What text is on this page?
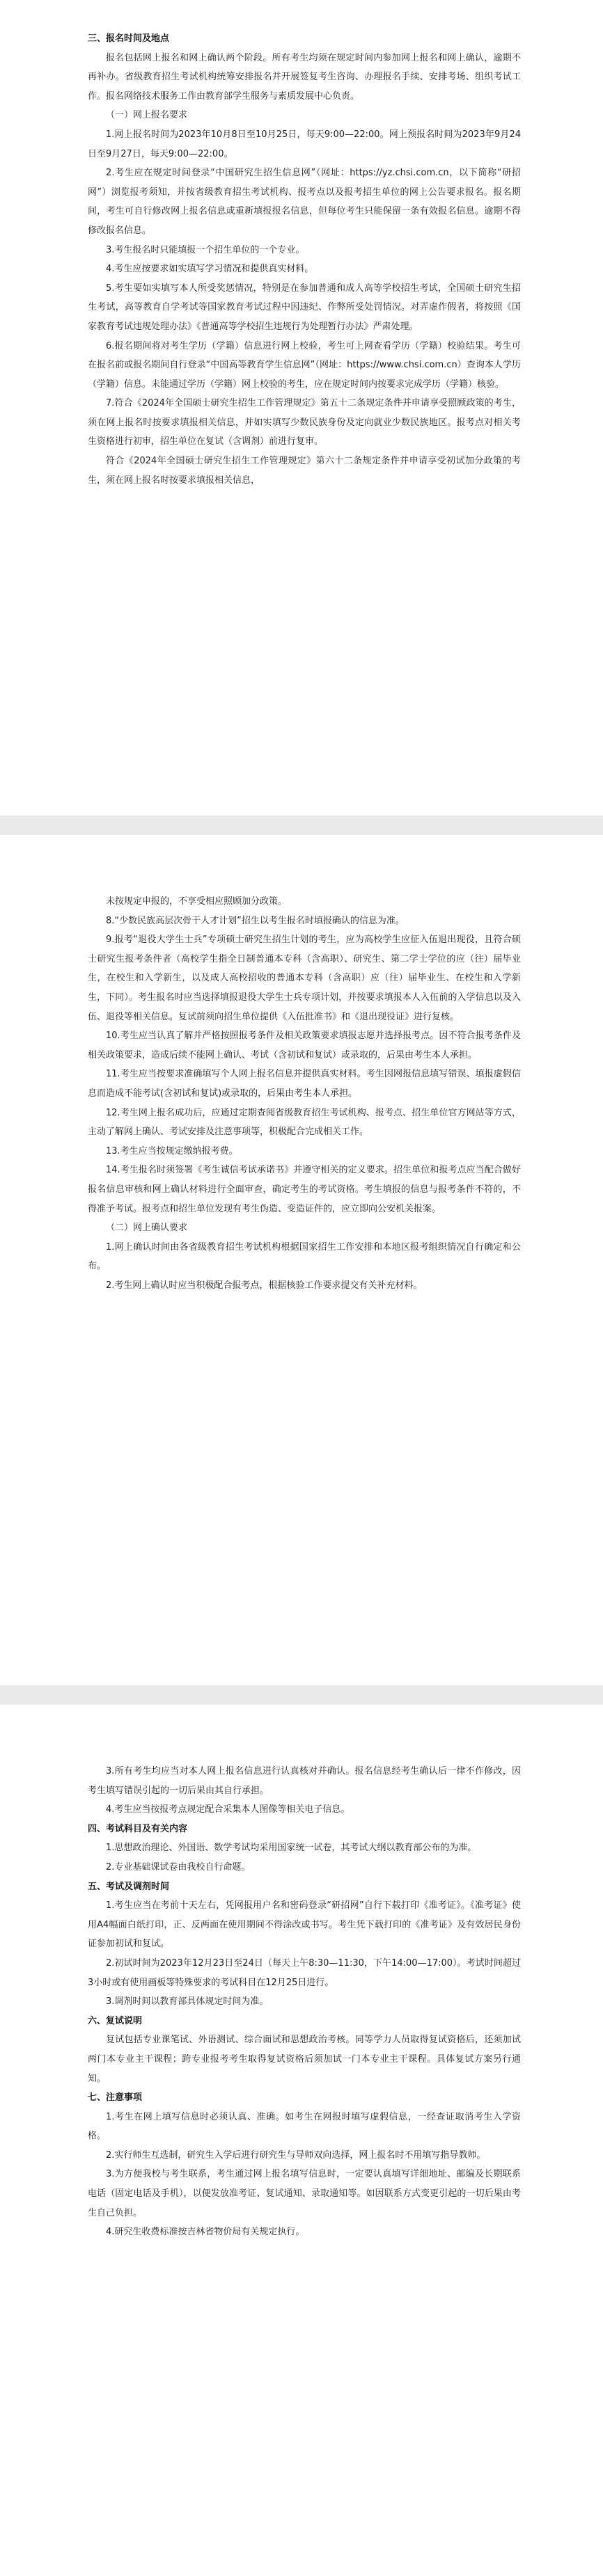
三、报名时间及地点

报名包括网上报名和网上确认两个阶段。所有考生均须在规定时间内参加网上报名和网上确认，逾期不再补办。省级教育招生考试机构统筹安排报名并开展签复考生咨询、办理报名手续、安排考场、组织考试工作。报名网络技术服务工作由教育部学生服务与素质发展中心负责。

（一）网上报名要求

1.网上报名时间为2023年10月8日至10月25日，每天9:00—22:00。网上预报名时间为2023年9月24日至9月27日，每天9:00—22:00。

2.考生应在规定时间登录“中国研究生招生信息网”（网址：https://yz.chsi.com.cn，以下简称“研招网”）浏览报考须知，并按省级教育招生考试机构、报考点以及报考招生单位的网上公告要求报名。报名期间，考生可自行修改网上报名信息或重新填报报名信息，但每位考生只能保留一条有效报名信息。逾期不得修改报名信息。

3.考生报名时只能填报一个招生单位的一个专业。

4.考生应按要求如实填写学习情况和提供真实材料。

5.考生要如实填写本人所受奖惩情况，特别是在参加普通和成人高等学校招生考试，全国硕士研究生招生考试，高等教育自学考试等国家教育考试过程中因违纪、作弊所受处罚情况。对弄虚作假者，将按照《国家教育考试违规处理办法》《普通高等学校招生违规行为处理暂行办法》严肃处理。

6.报名期间将对考生学历（学籍）信息进行网上校验，考生可上网查看学历（学籍）校验结果。考生可在报名前或报名期间自行登录“中国高等教育学生信息网”（网址：https://www.chsi.com.cn）查询本人学历（学籍）信息。未能通过学历（学籍）网上校验的考生，应在规定时间内按要求完成学历（学籍）核验。

7.符合《2024年全国硕士研究生招生工作管理规定》第五十二条规定条件并申请享受照顾政策的考生，须在网上报名时按要求填报相关信息，并如实填写少数民族身份及定向就业少数民族地区。报考点对相关考生资格进行初审，招生单位在复试（含调剂）前进行复审。

符合《2024年全国硕士研究生招生工作管理规定》第六十二条规定条件并申请享受初试加分政策的考生，须在网上报名时按要求填报相关信息，

未按规定申报的，不享受相应照顾加分政策。

8.“少数民族高层次骨干人才计划”招生以考生报名时填报确认的信息为准。

9.报考“退役大学生士兵”专项硕士研究生招生计划的考生，应为高校学生应征入伍退出现役，且符合硕士研究生报考条件者（高校学生指全日制普通本专科（含高职）、研究生、第二学士学位的应（往）届毕业生，在校生和入学新生，以及成人高校招收的普通本专科（含高职）应（往）届毕业生、在校生和入学新生，下同）。考生报名时应当选择填报退役大学生士兵专项计划，并按要求填报本人入伍前的入学信息以及入伍、退役等相关信息。复试前须向招生单位提供《入伍批准书》和《退出现役证》进行复核。

10.考生应当认真了解并严格按照报考条件及相关政策要求填报志愿并选择报考点。因不符合报考条件及相关政策要求，造成后续不能网上确认、考试（含初试和复试）或录取的，后果由考生本人承担。

11.考生应当按要求准确填写个人网上报名信息并提供真实材料。考生因网报信息填写错误、填报虚假信息而造成不能考试(含初试和复试)或录取的，后果由考生本人承担。

12.考生网上报名成功后，应通过定期查阅省级教育招生考试机构、报考点、招生单位官方网站等方式，主动了解网上确认、考试安排及注意事项等，积极配合完成相关工作。

13.考生应当按规定缴纳报考费。

14.考生报名时须签署《考生诚信考试承诺书》并遵守相关的定义要求。招生单位和报考点应当配合做好报名信息审核和网上确认材料进行全面审查，确定考生的考试资格。考生填报的信息与报考条件不符的，不得准予考试。报考点和招生单位发现有考生伪造、变造证件的，应立即向公安机关报案。

（二）网上确认要求

1.网上确认时间由各省级教育招生考试机构根据国家招生工作安排和本地区报考组织情况自行确定和公布。

2.考生网上确认时应当积极配合报考点，根据核验工作要求提交有关补充材料。

3.所有考生均应当对本人网上报名信息进行认真核对并确认。报名信息经考生确认后一律不作修改，因考生填写错误引起的一切后果由其自行承担。

4.考生应当按报考点规定配合采集本人图像等相关电子信息。

四、考试科目及有关内容

1.思想政治理论、外国语、数学考试均采用国家统一试卷，其考试大纲以教育部公布的为准。

2.专业基础课试卷由我校自行命题。

五、考试及调剂时间

1.考生应当在考前十天左右，凭网报用户名和密码登录“研招网”自行下载打印《准考证》。《准考证》使用A4幅面白纸打印，正、反两面在使用期间不得涂改或书写。考生凭下载打印的《准考证》及有效居民身份证参加初试和复试。

2.初试时间为2023年12月23日至24日（每天上午8:30—11:30，下午14:00—17:00）。考试时间超过3小时或有使用画板等特殊要求的考试科目在12月25日进行。

3.调剂时间以教育部具体规定时间为准。

六、复试说明

复试包括专业课笔试、外语测试、综合面试和思想政治考核。同等学力人员取得复试资格后，还须加试两门本专业主干课程；跨专业报考考生取得复试资格后须加试一门本专业主干课程。具体复试方案另行通知。

七、注意事项

1.考生在网上填写信息时必须认真、准确。如考生在网报时填写虚假信息，一经查证取消考生入学资格。

2.实行师生互选制，研究生入学后进行研究生与导师双向选择，网上报名时不用填写指导教师。

3.为方便我校与考生联系，考生通过网上报名填写信息时，一定要认真填写详细地址、邮编及长期联系电话（固定电话及手机），以便发放准考证、复试通知、录取通知等。如因联系方式变更引起的一切后果由考生自己负担。

4.研究生收费标准按吉林省物价局有关规定执行。
